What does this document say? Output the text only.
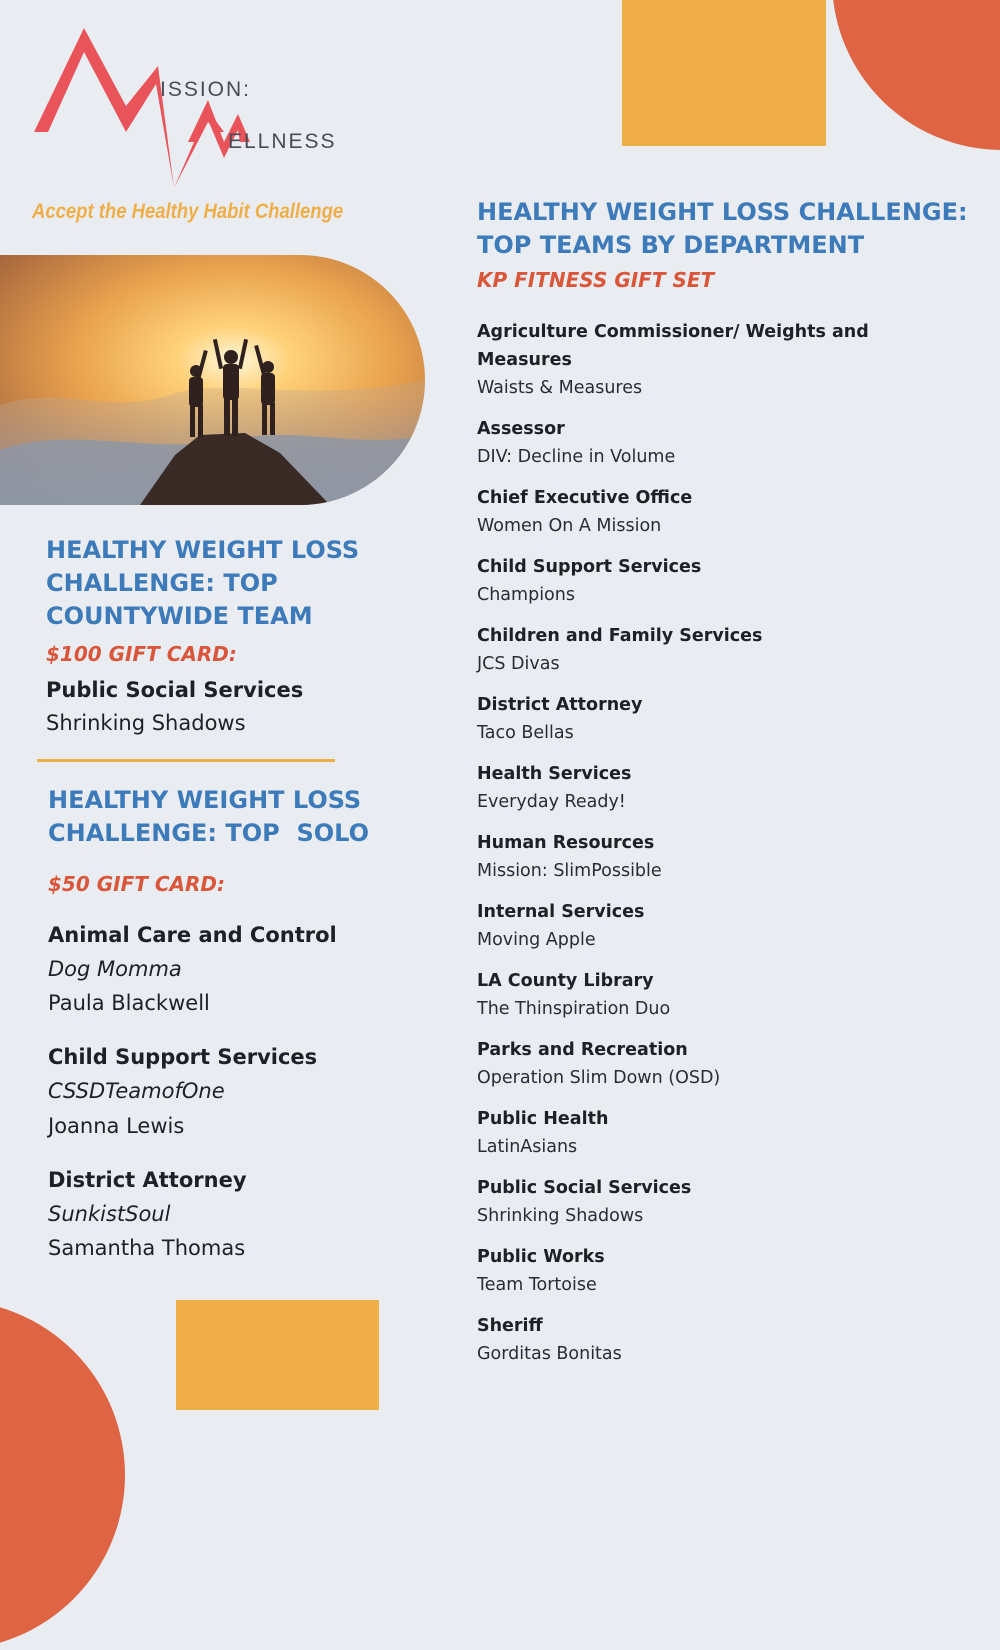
ISSION:
ELLNESS
Accept the Healthy Habit Challenge
HEALTHY WEIGHT LOSS
CHALLENGE: TOP
COUNTYWIDE TEAM
$100 GIFT CARD:
Public Social Services
Shrinking Shadows
HEALTHY WEIGHT LOSS
CHALLENGE: TOP  SOLO
$50 GIFT CARD:
Animal Care and Control
Dog Momma
Paula Blackwell
Child Support Services
CSSDTeamofOne
Joanna Lewis
District Attorney
SunkistSoul
Samantha Thomas
HEALTHY WEIGHT LOSS CHALLENGE:
TOP TEAMS BY DEPARTMENT
KP FITNESS GIFT SET
Agriculture Commissioner/ Weights and Measures
Waists & Measures
Assessor
DIV: Decline in Volume
Chief Executive Office
Women On A Mission
Child Support Services
Champions
Children and Family Services
JCS Divas
District Attorney
Taco Bellas
Health Services
Everyday Ready!
Human Resources
Mission: SlimPossible
Internal Services
Moving Apple
LA County Library
The Thinspiration Duo
Parks and Recreation
Operation Slim Down (OSD)
Public Health
LatinAsians
Public Social Services
Shrinking Shadows
Public Works
Team Tortoise
Sheriff
Gorditas Bonitas
